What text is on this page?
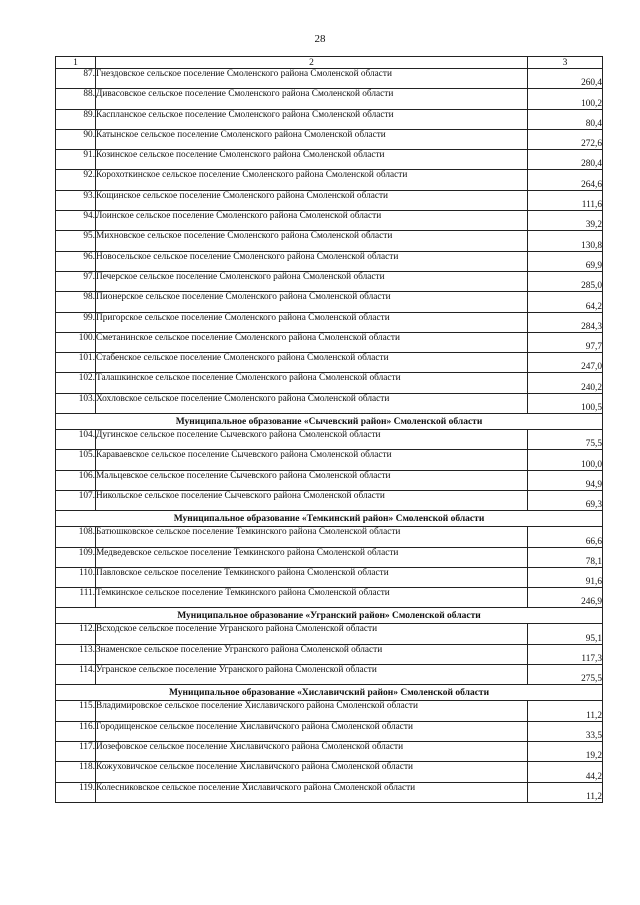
28
1	2	3
87.	Гнездовское сельское поселение Смоленского района Смоленской области	260,4
88.	Дивасовское сельское поселение Смоленского района Смоленской области	100,2
89.	Каспланское сельское поселение Смоленского района Смоленской области	80,4
90.	Катынское сельское поселение Смоленского района Смоленской области	272,6
91.	Козинское сельское поселение Смоленского района Смоленской области	280,4
92.	Корохоткинское сельское поселение Смоленского района Смоленской области	264,6
93.	Кощинское сельское поселение Смоленского района Смоленской области	111,6
94.	Лоинское сельское поселение Смоленского района Смоленской области	39,2
95.	Михновское сельское поселение Смоленского района Смоленской области	130,8
96.	Новосельское сельское поселение Смоленского района Смоленской области	69,9
97.	Печерское сельское поселение Смоленского района Смоленской области	285,0
98.	Пионерское сельское поселение Смоленского района Смоленской области	64,2
99.	Пригорское сельское поселение Смоленского района Смоленской области	284,3
100.	Сметанинское сельское поселение Смоленского района Смоленской области	97,7
101.	Стабенское сельское поселение Смоленского района Смоленской области	247,0
102.	Талашкинское сельское поселение Смоленского района Смоленской области	240,2
103.	Хохловское сельское поселение Смоленского района Смоленской области	100,5
Муниципальное образование «Сычевский район» Смоленской области		
104.	Дугинское сельское поселение Сычевского района Смоленской области	75,5
105.	Караваевское сельское поселение Сычевского района Смоленской области	100,0
106.	Мальцевское сельское поселение Сычевского района Смоленской области	94,9
107.	Никольское сельское поселение Сычевского района Смоленской области	69,3
Муниципальное образование «Темкинский район» Смоленской области		
108.	Батюшковское сельское поселение Темкинского района Смоленской области	66,6
109.	Медведевское сельское поселение Темкинского района Смоленской области	78,1
110.	Павловское сельское поселение Темкинского района Смоленской области	91,6
111.	Темкинское сельское поселение Темкинского района Смоленской области	246,9
Муниципальное образование «Угранский район» Смоленской области		
112.	Всходское сельское поселение Угранского района Смоленской области	95,1
113.	Знаменское сельское поселение Угранского района Смоленской области	117,3
114.	Угранское сельское поселение Угранского района Смоленской области	275,5
Муниципальное образование «Хиславичский район» Смоленской области		
115.	Владимировское сельское поселение Хиславичского района Смоленской области	11,2
116.	Городищенское сельское поселение Хиславичского района Смоленской области	33,5
117.	Иозефовское сельское поселение Хиславичского района Смоленской области	19,2
118.	Кожуховичское сельское поселение Хиславичского района Смоленской области	44,2
119.	Колесниковское сельское поселение Хиславичского района Смоленской области	11,2
